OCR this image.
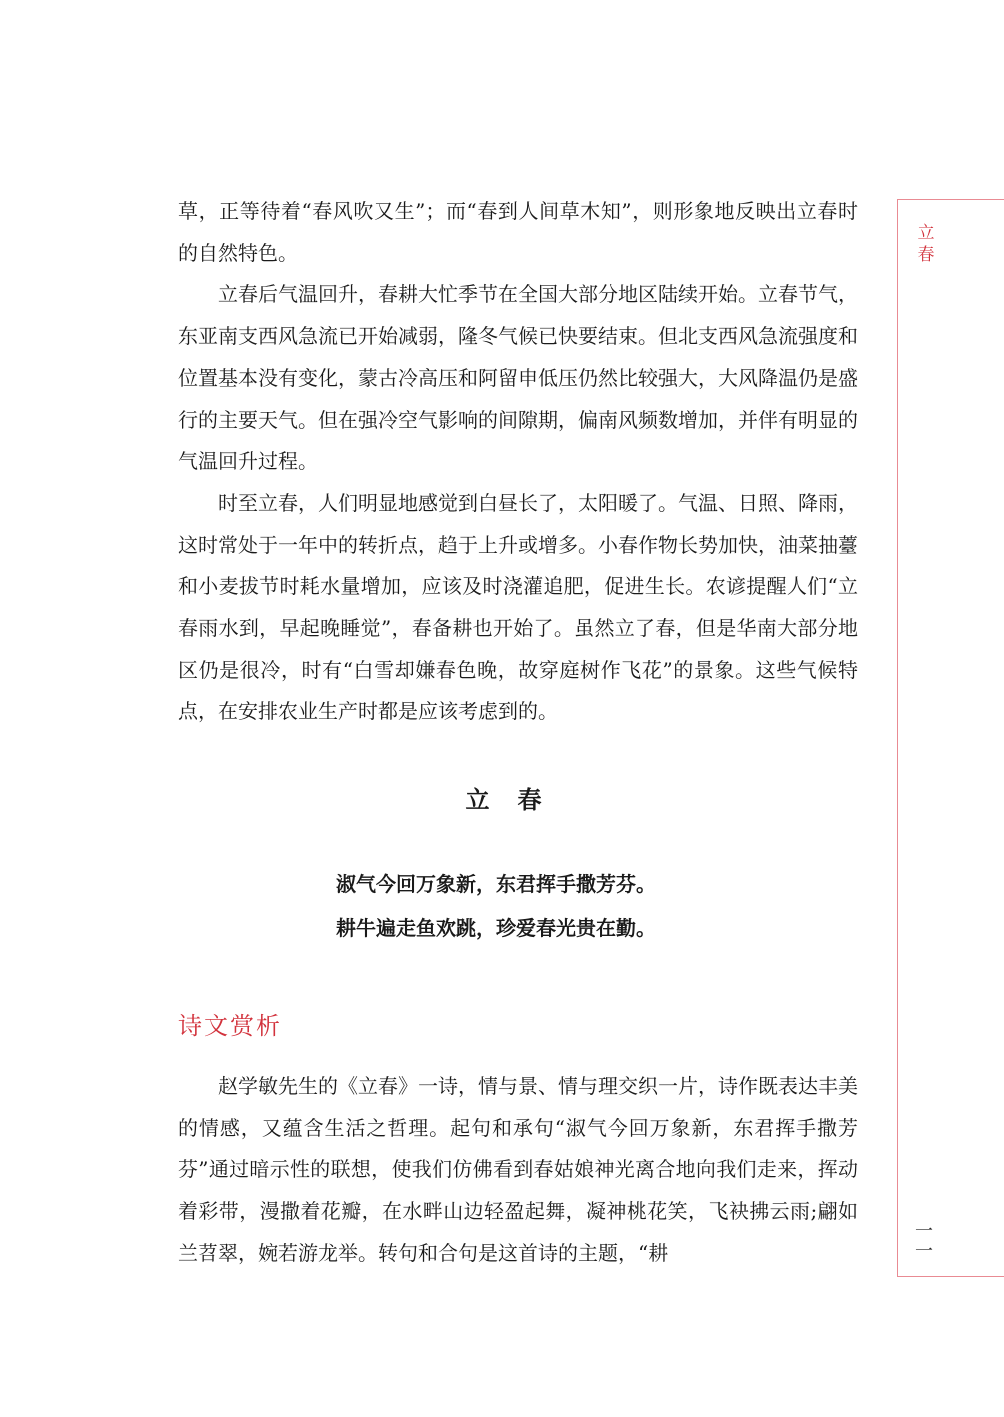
立春
一一

草，正等待着“春风吹又生”；而“春到人间草木知”，则形象地反映出立春时的自然特色。

立春后气温回升，春耕大忙季节在全国大部分地区陆续开始。立春节气，东亚南支西风急流已开始减弱，隆冬气候已快要结束。但北支西风急流强度和位置基本没有变化，蒙古冷高压和阿留申低压仍然比较强大，大风降温仍是盛行的主要天气。但在强冷空气影响的间隙期，偏南风频数增加，并伴有明显的气温回升过程。

时至立春，人们明显地感觉到白昼长了，太阳暖了。气温、日照、降雨，这时常处于一年中的转折点，趋于上升或增多。小春作物长势加快，油菜抽薹和小麦拔节时耗水量增加，应该及时浇灌追肥，促进生长。农谚提醒人们“立春雨水到，早起晚睡觉”，春备耕也开始了。虽然立了春，但是华南大部分地区仍是很冷，时有“白雪却嫌春色晚，故穿庭树作飞花”的景象。这些气候特点，在安排农业生产时都是应该考虑到的。

立春

淑气今回万象新，东君挥手撒芳芬。

耕牛遍走鱼欢跳，珍爱春光贵在勤。

诗文赏析

赵学敏先生的《立春》一诗，情与景、情与理交织一片，诗作既表达丰美的情感，又蕴含生活之哲理。起句和承句“淑气今回万象新，东君挥手撒芳芬”通过暗示性的联想，使我们仿佛看到春姑娘神光离合地向我们走来，挥动着彩带，漫撒着花瓣，在水畔山边轻盈起舞，凝神桃花笑，飞袂拂云雨;翩如兰苕翠，婉若游龙举。转句和合句是这首诗的主题，“耕
